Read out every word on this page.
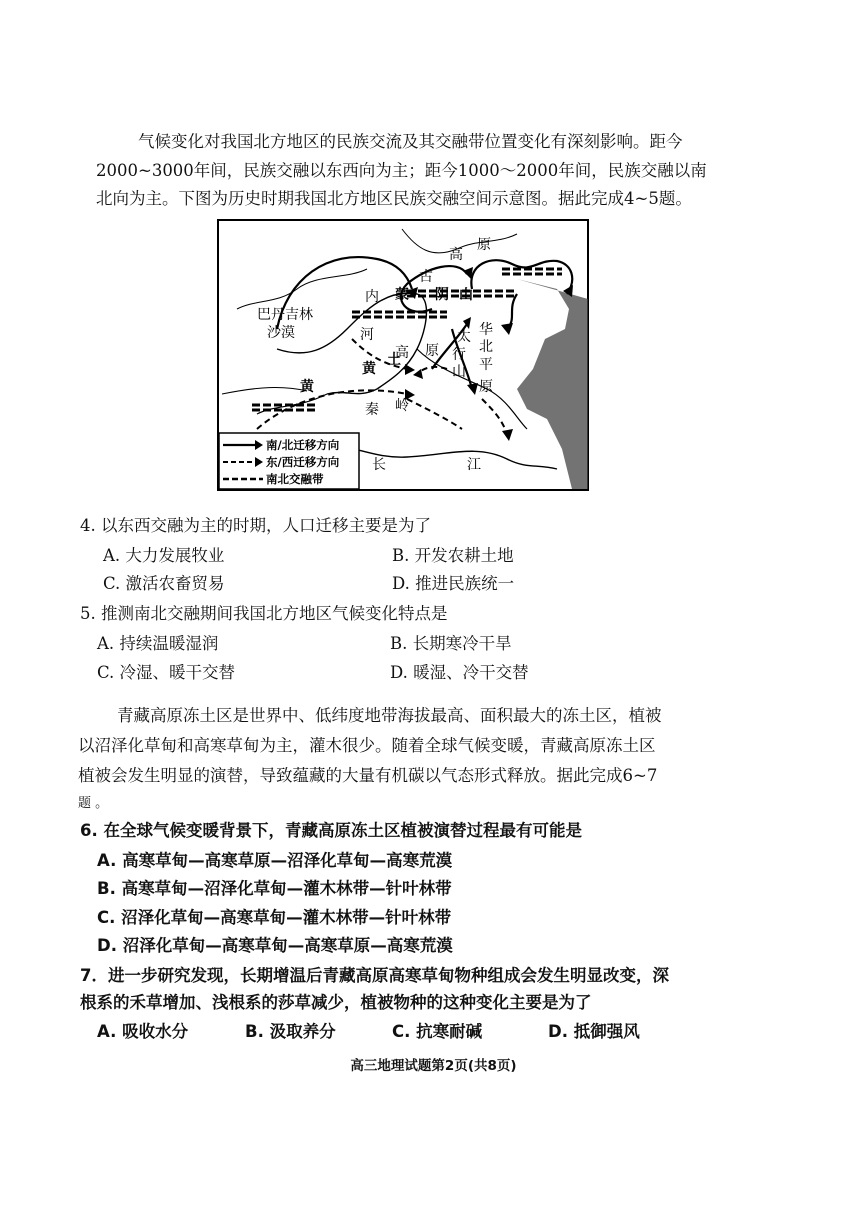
气候变化对我国北方地区的民族交流及其交融带位置变化有深刻影响。距今
2000~3000年间，民族交融以东西向为主；距今1000～2000年间，民族交融以南
北向为主。下图为历史时期我国北方地区民族交融空间示意图。据此完成4~5题。
高
原
古
内 蒙 阴 山
巴丹吉林
沙漠	河
黄
土
高 原
太
行
山
华
北
平
原
黄
秦 岭
长	江
南/北迁移方向
东/西迁移方向
南北交融带
4. 以东西交融为主的时期，人口迁移主要是为了
A. 大力发展牧业	B. 开发农耕土地
C. 激活农畜贸易	D. 推进民族统一
5. 推测南北交融期间我国北方地区气候变化特点是
A. 持续温暖湿润	B. 长期寒冷干旱
C. 冷湿、暖干交替	D. 暖湿、冷干交替
青藏高原冻土区是世界中、低纬度地带海拔最高、面积最大的冻土区，植被
以沼泽化草甸和高寒草甸为主，灌木很少。随着全球气候变暖，青藏高原冻土区
植被会发生明显的演替，导致蕴藏的大量有机碳以气态形式释放。据此完成6~7
题 。
6. 在全球气候变暖背景下，青藏高原冻土区植被演替过程最有可能是
A. 高寒草甸—高寒草原—沼泽化草甸—高寒荒漠
B. 高寒草甸—沼泽化草甸—灌木林带—针叶林带
C. 沼泽化草甸—高寒草甸—灌木林带—针叶林带
D. 沼泽化草甸—高寒草甸—高寒草原—高寒荒漠
7．进一步研究发现，长期增温后青藏高原高寒草甸物种组成会发生明显改变，深
根系的禾草增加、浅根系的莎草减少，植被物种的这种变化主要是为了
A. 吸收水分	B. 汲取养分	C. 抗寒耐碱	D. 抵御强风
高三地理试题第2页(共8页)
